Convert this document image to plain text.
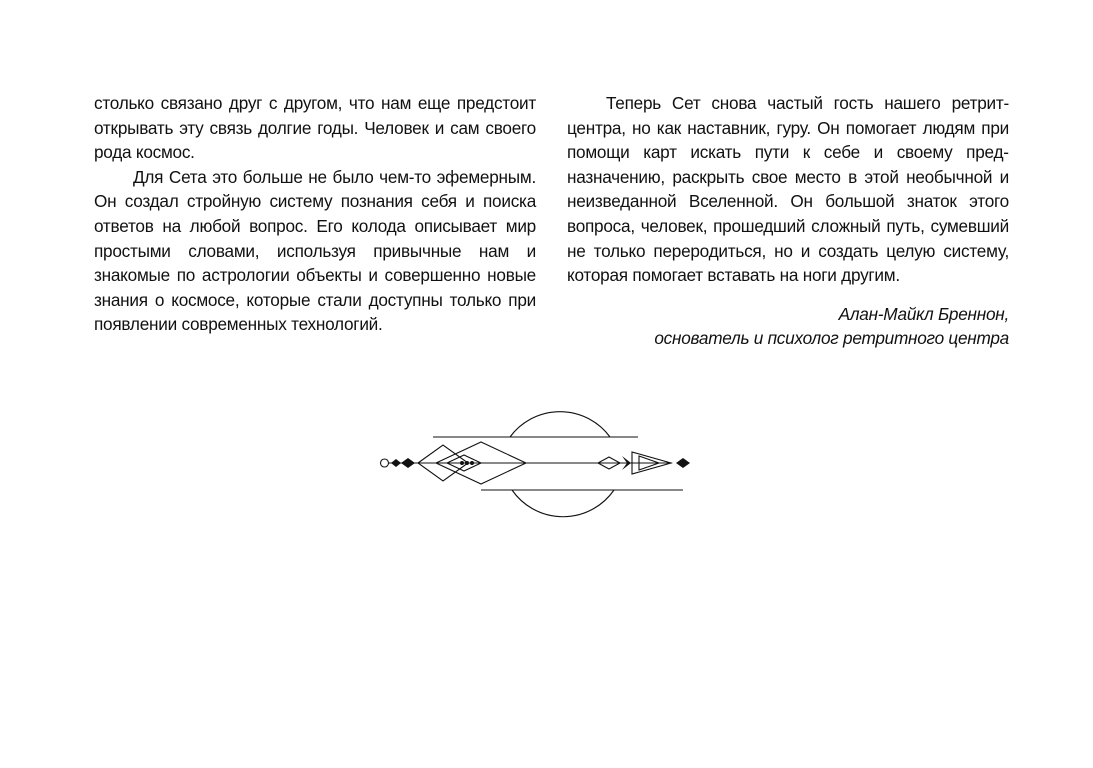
столько связано друг с другом, что нам еще предстоит открывать эту связь долгие годы. Человек и сам своего рода космос.

Для Сета это больше не было чем-то эфемерным. Он создал стройную систему познания себя и поиска ответов на любой вопрос. Его колода описывает мир простыми словами, используя привычные нам и знакомые по астрологии объекты и совершенно новые знания о космосе, которые стали доступны только при появлении современных технологий.

Теперь Сет снова частый гость нашего ретрит-центра, но как наставник, гуру. Он помогает людям при помощи карт искать пути к себе и своему предназначению, раскрыть свое место в этой необычной и неизведанной Вселенной. Он большой знаток этого вопроса, человек, прошедший сложный путь, сумевший не только переродиться, но и создать целую систему, которая помогает вставать на ноги другим.

Алан-Майкл Бреннон,
основатель и психолог ретритного центра
